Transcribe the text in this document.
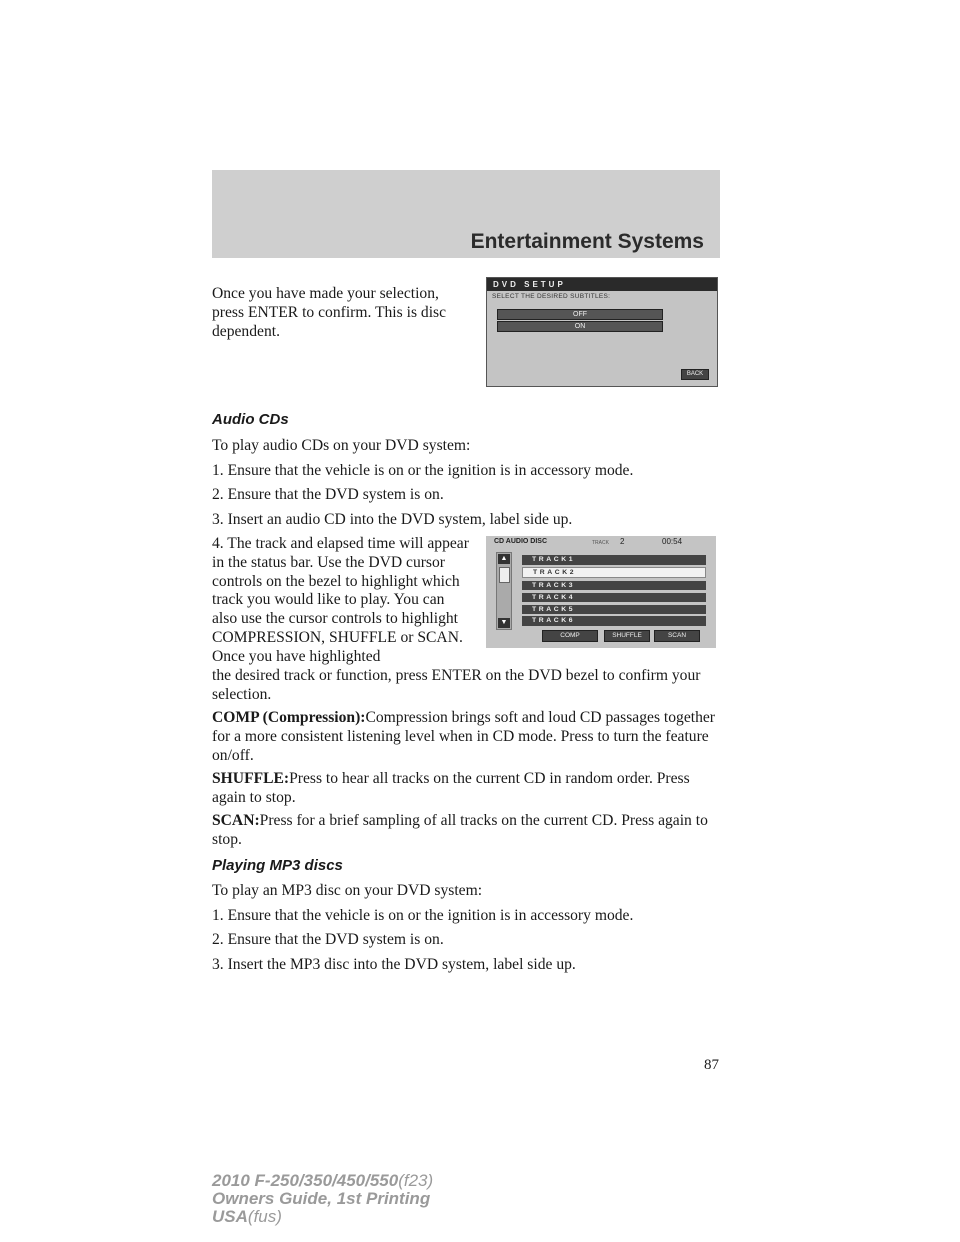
Entertainment Systems

Once you have made your selection, press ENTER to confirm. This is disc dependent.

DVD SETUP
SELECT THE DESIRED SUBTITLES:
OFF
ON
BACK

Audio CDs

To play audio CDs on your DVD system:

1. Ensure that the vehicle is on or the ignition is in accessory mode.

2. Ensure that the DVD system is on.

3. Insert an audio CD into the DVD system, label side up.

4. The track and elapsed time will appear in the status bar. Use the DVD cursor controls on the bezel to highlight which track you would like to play. You can also use the cursor controls to highlight COMPRESSION, SHUFFLE or SCAN. Once you have highlighted

the desired track or function, press ENTER on the DVD bezel to confirm your selection.

CD AUDIO DISC	TRACK 2	00:54
▲
▼
TRACK1
TRACK2
TRACK3
TRACK4
TRACK5
TRACK6
COMP	SHUFFLE	SCAN

COMP (Compression):Compression brings soft and loud CD passages together for a more consistent listening level when in CD mode. Press to turn the feature on/off.

SHUFFLE:Press to hear all tracks on the current CD in random order. Press again to stop.

SCAN:Press for a brief sampling of all tracks on the current CD. Press again to stop.

Playing MP3 discs

To play an MP3 disc on your DVD system:

1. Ensure that the vehicle is on or the ignition is in accessory mode.

2. Ensure that the DVD system is on.

3. Insert the MP3 disc into the DVD system, label side up.

87
2010 F-250/350/450/550(f23)
Owners Guide, 1st Printing
USA(fus)
